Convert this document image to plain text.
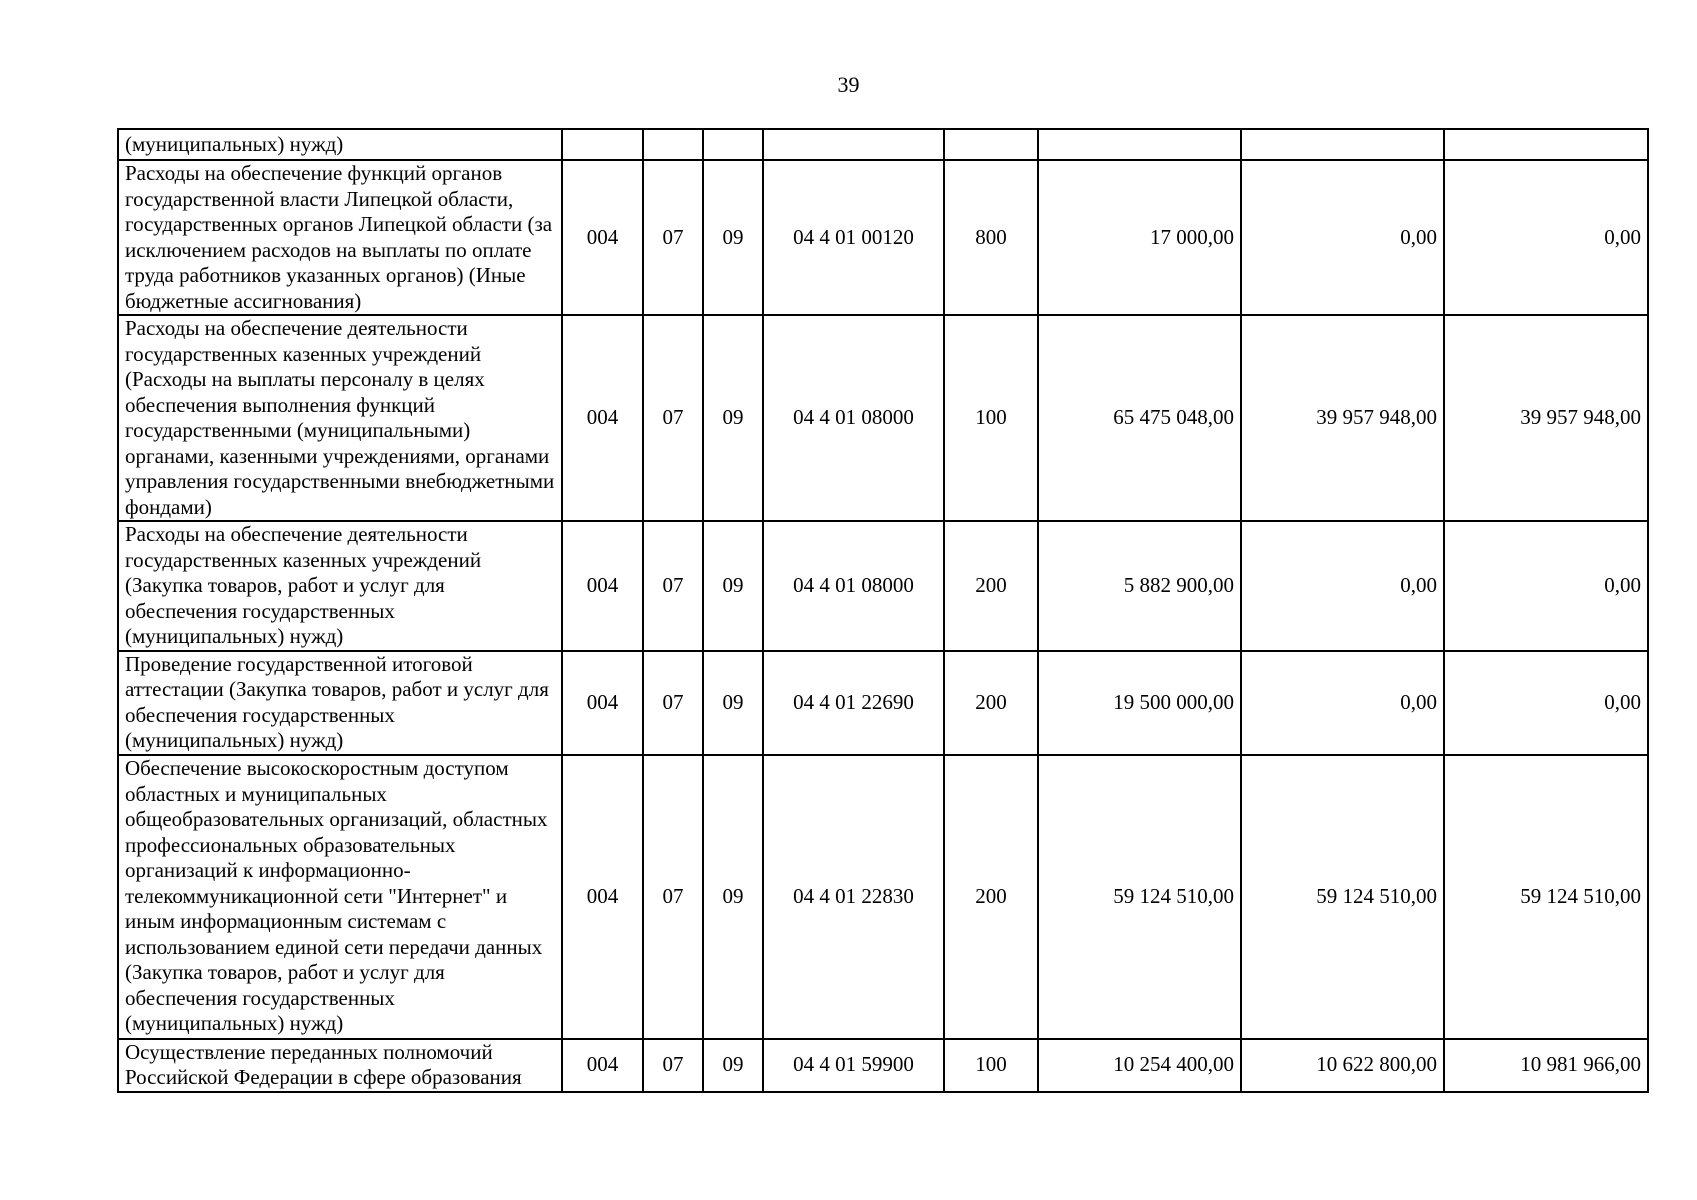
39
(муниципальных) нужд)								
Расходы на обеспечение функций органов государственной власти Липецкой области, государственных органов Липецкой области (за исключением расходов на выплаты по оплате труда работников указанных органов) (Иные бюджетные ассигнования)	004	07	09	04 4 01 00120	800	17 000,00	0,00	0,00
Расходы на обеспечение деятельности государственных казенных учреждений (Расходы на выплаты персоналу в целях обеспечения выполнения функций государственными (муниципальными) органами, казенными учреждениями, органами управления государственными внебюджетными фондами)	004	07	09	04 4 01 08000	100	65 475 048,00	39 957 948,00	39 957 948,00
Расходы на обеспечение деятельности государственных казенных учреждений (Закупка товаров, работ и услуг для обеспечения государственных (муниципальных) нужд)	004	07	09	04 4 01 08000	200	5 882 900,00	0,00	0,00
Проведение государственной итоговой аттестации (Закупка товаров, работ и услуг для обеспечения государственных (муниципальных) нужд)	004	07	09	04 4 01 22690	200	19 500 000,00	0,00	0,00
Обеспечение высокоскоростным доступом областных и муниципальных общеобразовательных организаций, областных профессиональных образовательных организаций к информационно-телекоммуникационной сети "Интернет" и иным информационным системам с использованием единой сети передачи данных (Закупка товаров, работ и услуг для обеспечения государственных (муниципальных) нужд)	004	07	09	04 4 01 22830	200	59 124 510,00	59 124 510,00	59 124 510,00
Осуществление переданных полномочий Российской Федерации в сфере образования	004	07	09	04 4 01 59900	100	10 254 400,00	10 622 800,00	10 981 966,00
